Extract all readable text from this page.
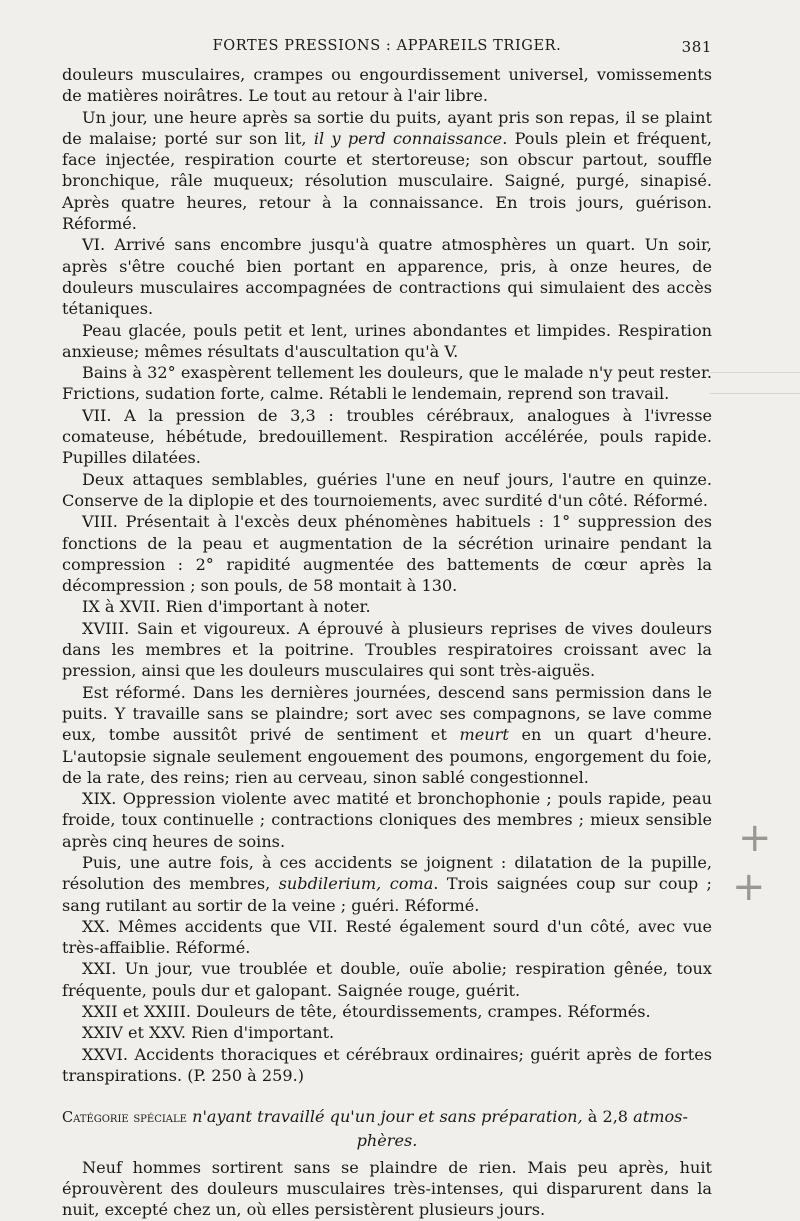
FORTES PRESSIONS : APPAREILS TRIGER.	381

douleurs musculaires, crampes ou engourdissement universel, vomissements de matières noirâtres. Le tout au retour à l'air libre.

Un jour, une heure après sa sortie du puits, ayant pris son repas, il se plaint de malaise; porté sur son lit, il y perd connaissance. Pouls plein et fréquent, face injectée, respiration courte et stertoreuse; son obscur partout, souffle bronchique, râle muqueux; résolution musculaire. Saigné, purgé, sinapisé. Après quatre heures, retour à la connaissance. En trois jours, guérison. Réformé.

VI. Arrivé sans encombre jusqu'à quatre atmosphères un quart. Un soir, après s'être couché bien portant en apparence, pris, à onze heures, de douleurs musculaires accompagnées de contractions qui simulaient des accès tétaniques.

Peau glacée, pouls petit et lent, urines abondantes et limpides. Respiration anxieuse; mêmes résultats d'auscultation qu'à V.

Bains à 32° exaspèrent tellement les douleurs, que le malade n'y peut rester. Frictions, sudation forte, calme. Rétabli le lendemain, reprend son travail.

VII. A la pression de 3,3 : troubles cérébraux, analogues à l'ivresse comateuse, hébétude, bredouillement. Respiration accélérée, pouls rapide. Pupilles dilatées.

Deux attaques semblables, guéries l'une en neuf jours, l'autre en quinze. Conserve de la diplopie et des tournoiements, avec surdité d'un côté. Réformé.

VIII. Présentait à l'excès deux phénomènes habituels : 1° suppression des fonctions de la peau et augmentation de la sécrétion urinaire pendant la compression : 2° rapidité augmentée des battements de cœur après la décompression ; son pouls, de 58 montait à 130.

IX à XVII. Rien d'important à noter.

XVIII. Sain et vigoureux. A éprouvé à plusieurs reprises de vives douleurs dans les membres et la poitrine. Troubles respiratoires croissant avec la pression, ainsi que les douleurs musculaires qui sont très-aiguës.

Est réformé. Dans les dernières journées, descend sans permission dans le puits. Y travaille sans se plaindre; sort avec ses compagnons, se lave comme eux, tombe aussitôt privé de sentiment et meurt en un quart d'heure. L'autopsie signale seulement engouement des poumons, engorgement du foie, de la rate, des reins; rien au cerveau, sinon sablé congestionnel.

XIX. Oppression violente avec matité et bronchophonie ; pouls rapide, peau froide, toux continuelle ; contractions cloniques des membres ; mieux sensible après cinq heures de soins.

Puis, une autre fois, à ces accidents se joignent : dilatation de la pupille, résolution des membres, subdilerium, coma. Trois saignées coup sur coup ; sang rutilant au sortir de la veine ; guéri. Réformé.

XX. Mêmes accidents que VII. Resté également sourd d'un côté, avec vue très-affaiblie. Réformé.

XXI. Un jour, vue troublée et double, ouïe abolie; respiration gênée, toux fréquente, pouls dur et galopant. Saignée rouge, guérit.

XXII et XXIII. Douleurs de tête, étourdissements, crampes. Réformés.

XXIV et XXV. Rien d'important.

XXVI. Accidents thoraciques et cérébraux ordinaires; guérit après de fortes transpirations. (P. 250 à 259.)

Catégorie spéciale n'ayant travaillé qu'un jour et sans préparation, à 2,8 atmos-

phères.

Neuf hommes sortirent sans se plaindre de rien. Mais peu après, huit éprouvèrent des douleurs musculaires très-intenses, qui disparurent dans la nuit, excepté chez un, où elles persistèrent plusieurs jours.

+
+
